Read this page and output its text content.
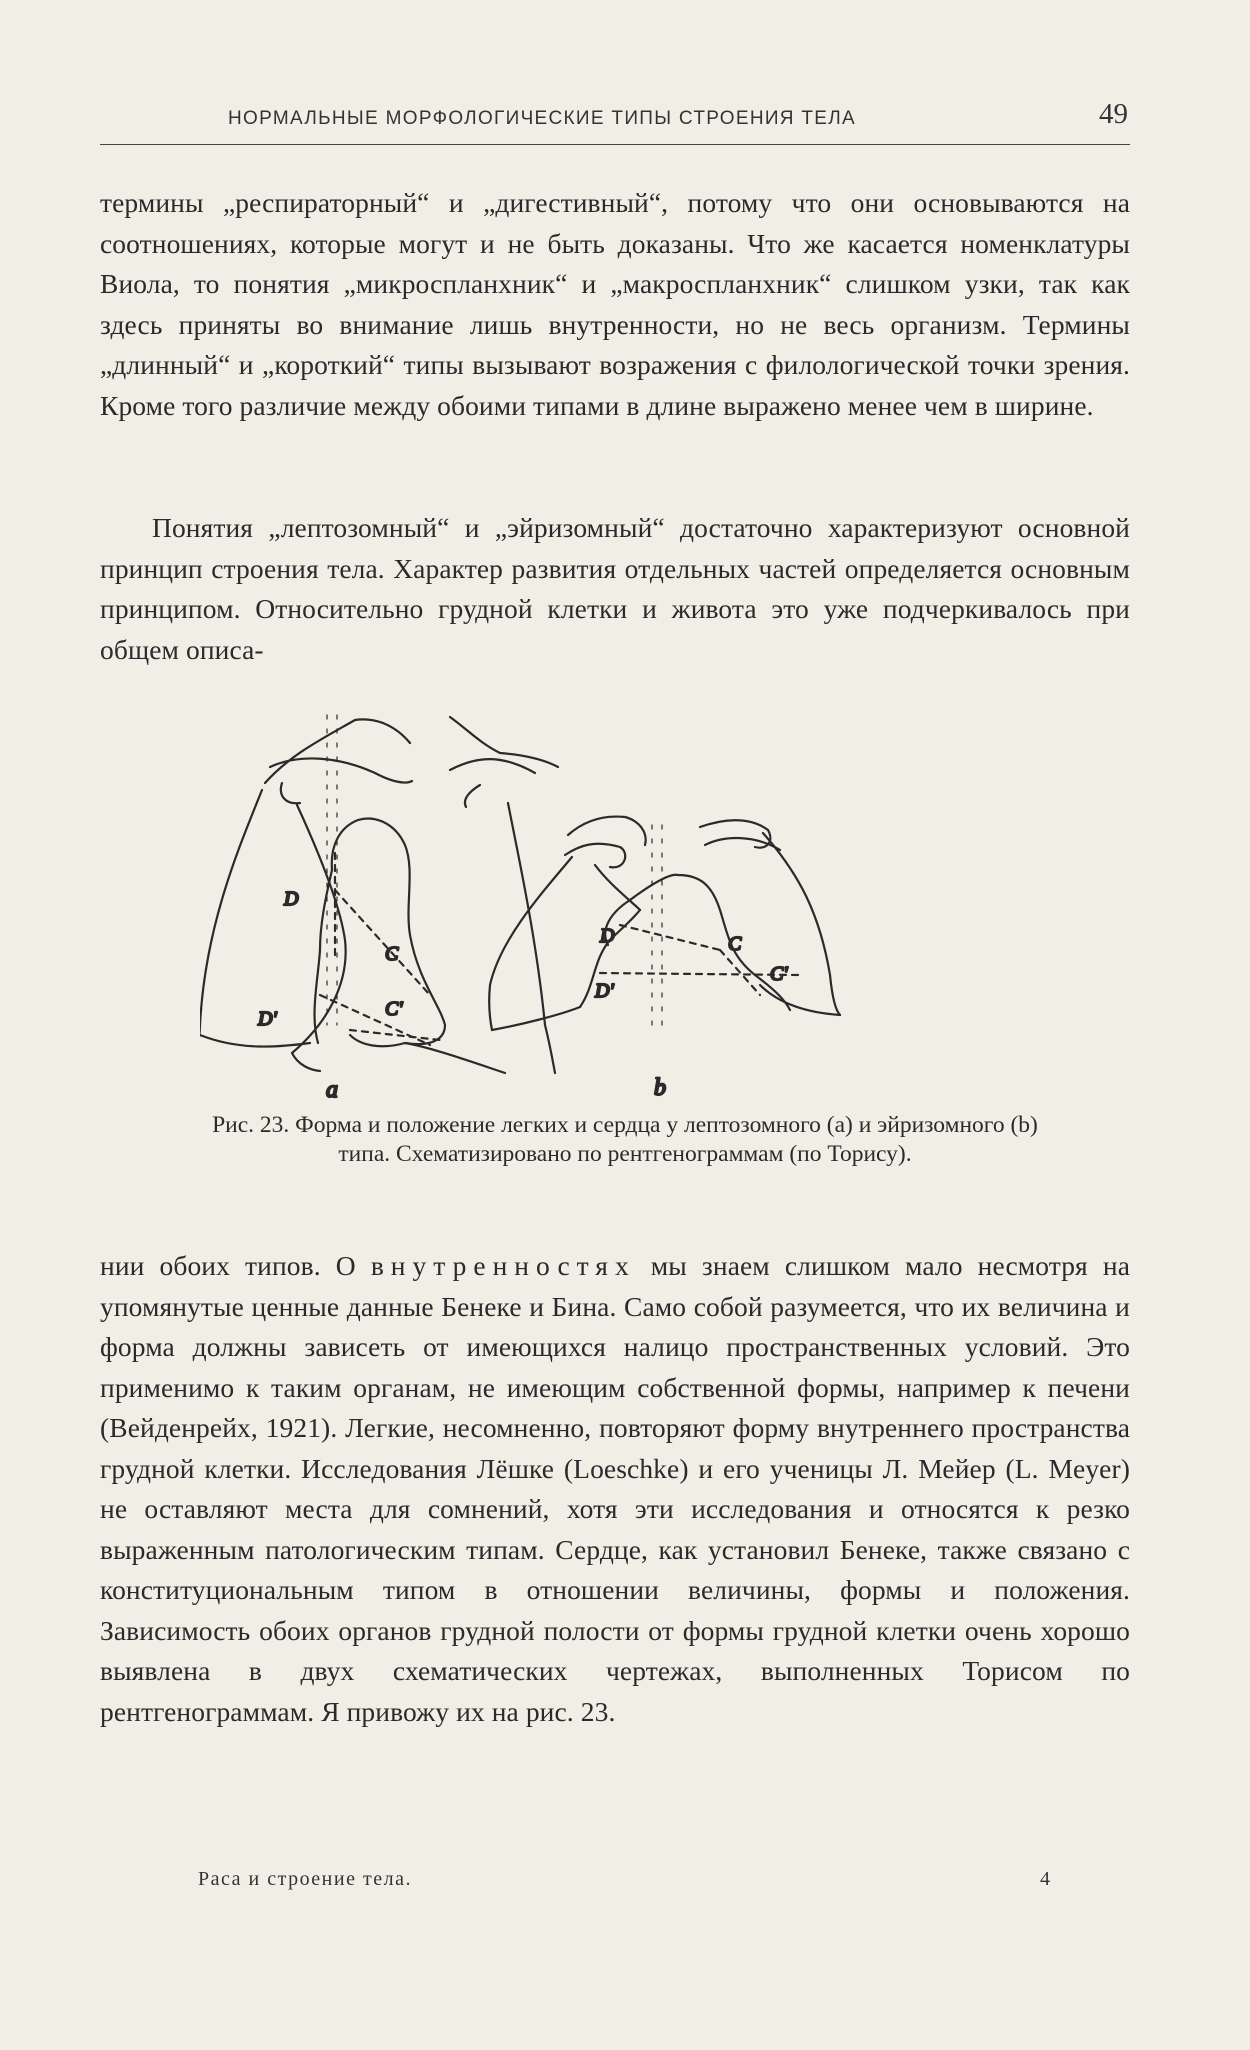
НОРМАЛЬНЫЕ МОРФОЛОГИЧЕСКИЕ ТИПЫ СТРОЕНИЯ ТЕЛА	49

термины „респираторный“ и „дигестивный“, потому что они основываются на соотношениях, которые могут и не быть доказаны. Что же касается номенклатуры Виола, то понятия „микроспланхник“ и „макроспланхник“ слишком узки, так как здесь приняты во внимание лишь внутренности, но не весь организм. Термины „длинный“ и „короткий“ типы вызывают возражения с филологической точки зрения. Кроме того различие между обоими типами в длине выражено менее чем в ширине.

Понятия „лептозомный“ и „эйризомный“ достаточно характеризуют основной принцип строения тела. Характер развития отдельных частей определяется основным принципом. Относительно грудной клетки и живота это уже подчеркивалось при общем описа-

D
C
D'	C'
a
D	C
D'
C'
b

Рис. 23. Форма и положение легких и сердца у лептозомного (a) и эйризомного (b) типа. Схематизировано по рентгенограммам (по Торису).

нии обоих типов. О внутренностях мы знаем слишком мало несмотря на упомянутые ценные данные Бенеке и Бина. Само собой разумеется, что их величина и форма должны зависеть от имеющихся налицо пространственных условий. Это применимо к таким органам, не имеющим собственной формы, например к печени (Вейденрейх, 1921). Легкие, несомненно, повторяют форму внутреннего пространства грудной клетки. Исследования Лёшке (Loeschke) и его ученицы Л. Мейер (L. Meyer) не оставляют места для сомнений, хотя эти исследования и относятся к резко выраженным патологическим типам. Сердце, как установил Бенеке, также связано с конституциональным типом в отношении величины, формы и положения. Зависимость обоих органов грудной полости от формы грудной клетки очень хорошо выявлена в двух схематических чертежах, выполненных Торисом по рентгенограммам. Я привожу их на рис. 23.

Раса и строение тела.	4
